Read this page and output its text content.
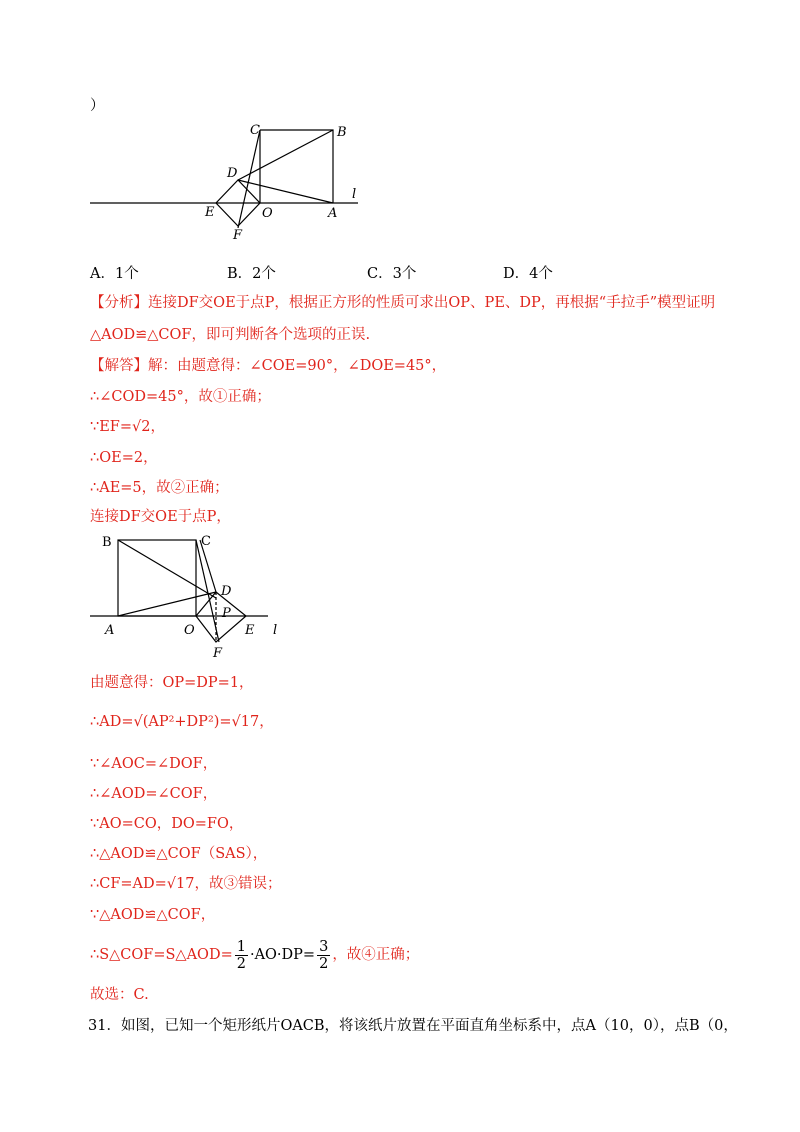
）
C	B
D
E	O	A
F
l
A．1个	B．2个	C．3个	D．4个
【分析】连接DF交OE于点P，根据正方形的性质可求出OP、PE、DP，再根据“手拉手”模型证明
△AOD≌△COF，即可判断各个选项的正误.
【解答】解：由题意得：∠COE=90°，∠DOE=45°，
∴∠COD=45°，故①正确；
∵EF=√2，
∴OE=2，
∴AE=5，故②正确；
连接DF交OE于点P，
B	C
D
P
A	O	E l
F
由题意得：OP=DP=1，
∴AD=√(AP²+DP²)=√17，
∵∠AOC=∠DOF，
∴∠AOD=∠COF，
∵AO=CO，DO=FO，
∴△AOD≌△COF（SAS），
∴CF=AD=√17，故③错误；
∵△AOD≌△COF，
∴S△COF=S△AOD= $\frac{1}{2} \cdot AO\cdot DP= \frac{3}{2}$ ，故④正确；
故选：C.
31．如图，已知一个矩形纸片OACB，将该纸片放置在平面直角坐标系中，点A（10，0），点B（0，
